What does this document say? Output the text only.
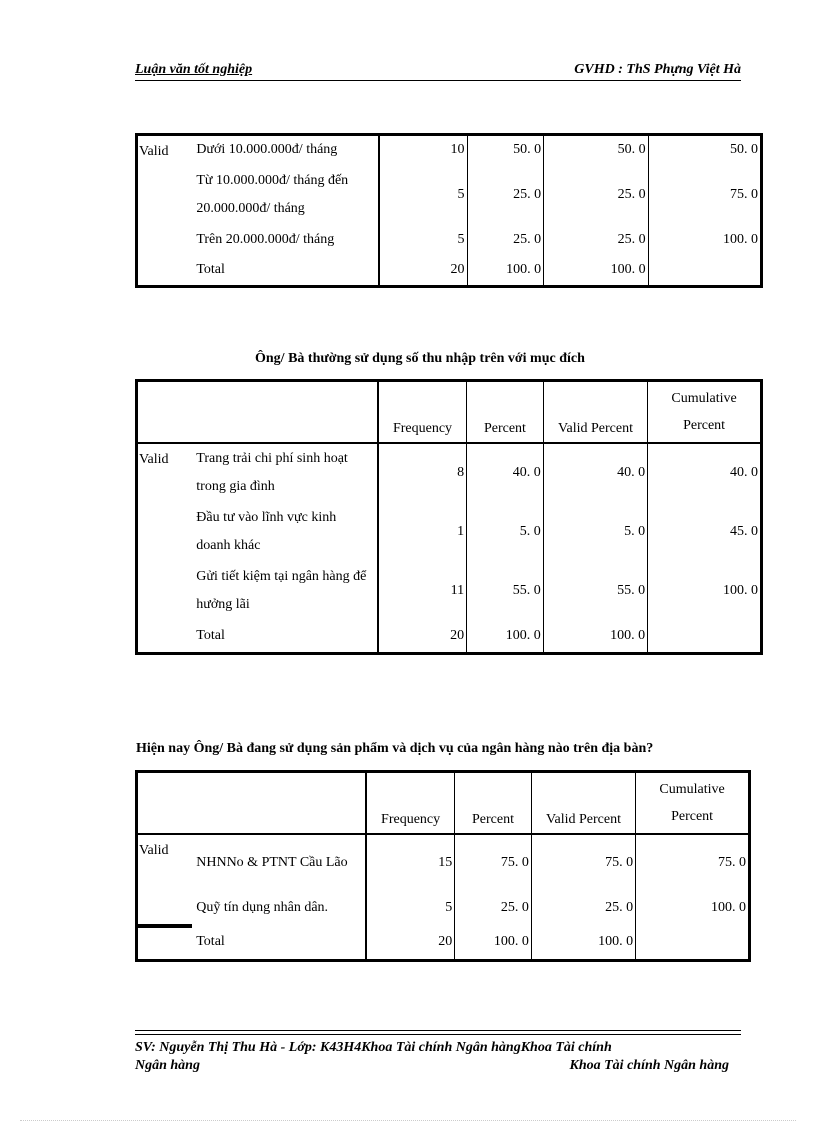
Luận văn tốt nghiệp	GVHD : ThS Phựng Việt Hà
Valid	Dưới 10.000.000đ/ tháng	10	50. 0	50. 0	50. 0
	Từ 10.000.000đ/ tháng đến 20.000.000đ/ tháng	5	25. 0	25. 0	75. 0
	Trên 20.000.000đ/ tháng	5	25. 0	25. 0	100. 0
	Total	20	100. 0	100. 0	
Ông/ Bà thường sử dụng số thu nhập trên với mục đích
		Frequency	Percent	Valid Percent	Cumulative Percent
Valid	Trang trải chi phí sinh hoạt trong gia đình	8	40. 0	40. 0	40. 0
	Đầu tư vào lĩnh vực kinh doanh khác	1	5. 0	5. 0	45. 0
	Gửi tiết kiệm tại ngân hàng để hưởng lãi	11	55. 0	55. 0	100. 0
	Total	20	100. 0	100. 0	
Hiện nay Ông/ Bà đang sử dụng sản phẩm và dịch vụ của ngân hàng nào trên địa bàn?
		Frequency	Percent	Valid Percent	Cumulative Percent
Valid	NHNNo & PTNT Cầu Lão	15	75. 0	75. 0	75. 0
	Quỹ tín dụng nhân dân.	5	25. 0	25. 0	100. 0
	Total	20	100. 0	100. 0	
SV: Nguyễn Thị Thu Hà - Lớp: K43H4Khoa Tài chính Ngân hàngKhoa Tài chính
Ngân hàng	Khoa Tài chính Ngân hàng
